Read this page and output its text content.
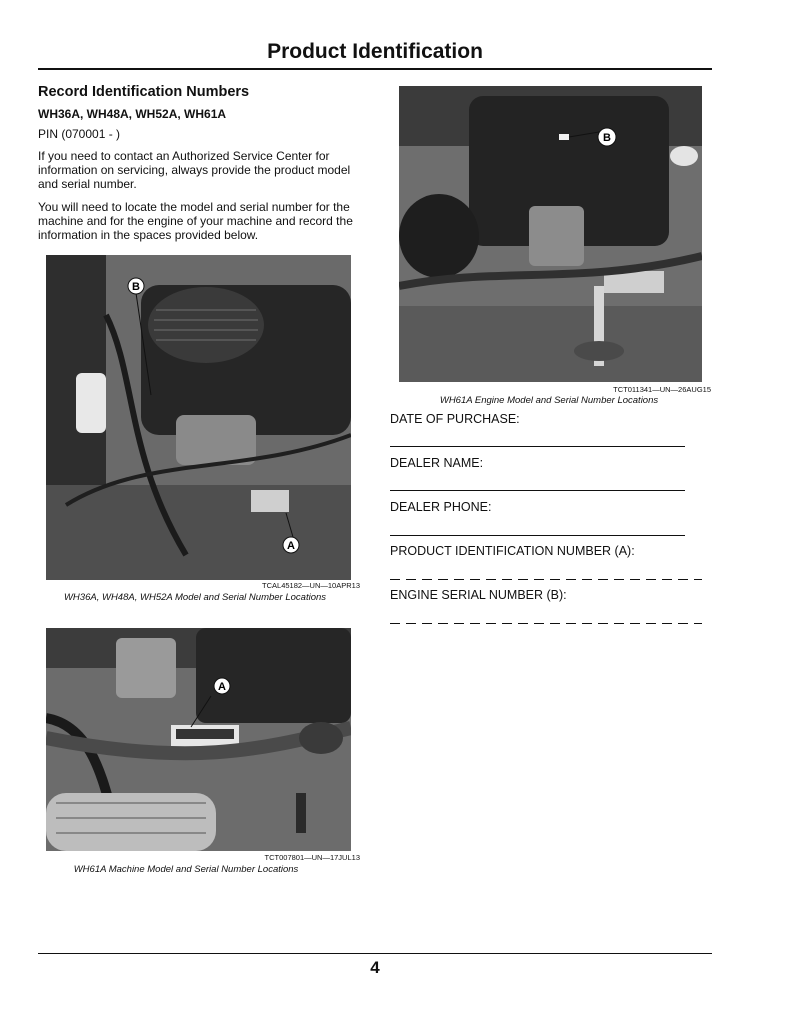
Product Identification
Record Identification Numbers
WH36A, WH48A, WH52A, WH61A
PIN (070001 - )
If you need to contact an Authorized Service Center for information on servicing, always provide the product model and serial number.
You will need to locate the model and serial number for the machine and for the engine of your machine and record the information in the spaces provided below.
B
A
TCAL45182—UN—10APR13
WH36A, WH48A, WH52A Model and Serial Number Locations
A
TCT007801—UN—17JUL13
WH61A Machine Model and Serial Number Locations
B
TCT011341—UN—26AUG15
WH61A Engine Model and Serial Number Locations
DATE OF PURCHASE:
DEALER NAME:
DEALER PHONE:
PRODUCT IDENTIFICATION NUMBER (A):
ENGINE SERIAL NUMBER (B):
4
